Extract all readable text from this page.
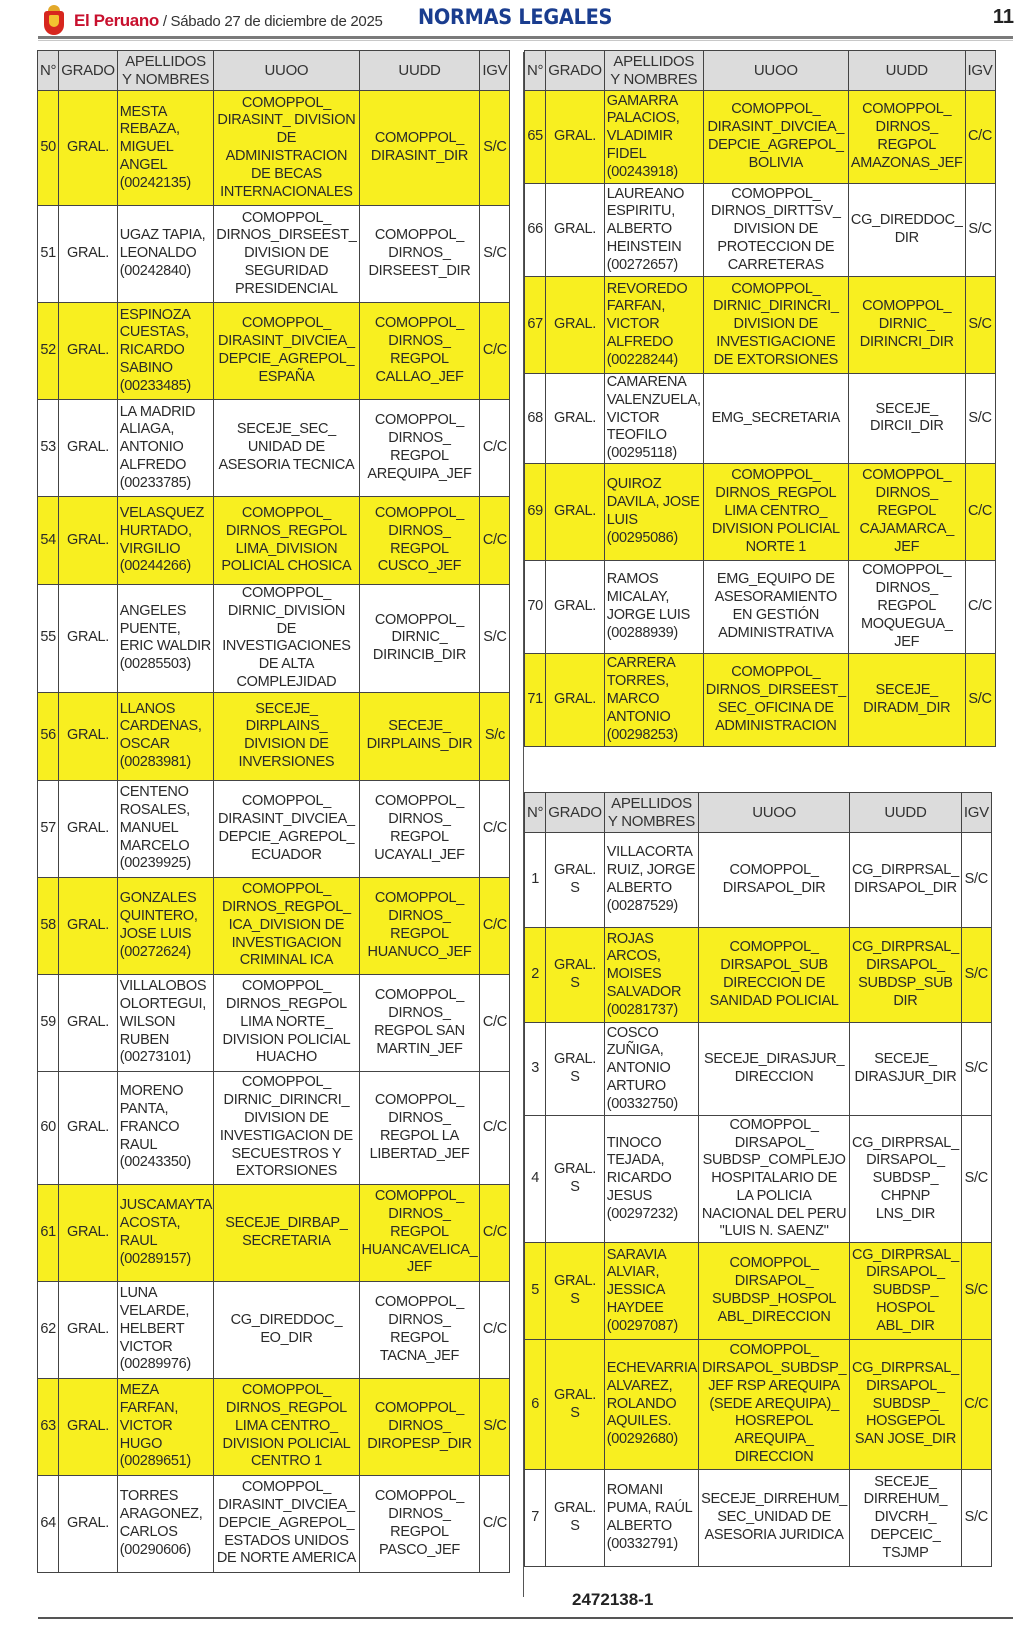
El Peruano / Sábado 27 de diciembre de 2025 NORMAS LEGALES	11
N°	GRADO	APELLIDOS Y NOMBRES	UUOO	UUDD	IGV
50	GRAL.	MESTA REBAZA, MIGUEL ANGEL (00242135)	COMOPPOL_ DIRASINT_ DIVISION DE ADMINISTRACION DE BECAS INTERNACIONALES	COMOPPOL_ DIRASINT_DIR	S/C
51	GRAL.	UGAZ TAPIA, LEONALDO (00242840)	COMOPPOL_ DIRNOS_DIRSEEST_ DIVISION DE SEGURIDAD PRESIDENCIAL	COMOPPOL_ DIRNOS_ DIRSEEST_DIR	S/C
52	GRAL.	ESPINOZA CUESTAS, RICARDO SABINO (00233485)	COMOPPOL_ DIRASINT_DIVCIEA_ DEPCIE_AGREPOL_ ESPAÑA	COMOPPOL_ DIRNOS_ REGPOL CALLAO_JEF	C/C
53	GRAL.	LA MADRID ALIAGA, ANTONIO ALFREDO (00233785)	SECEJE_SEC_ UNIDAD DE ASESORIA TECNICA	COMOPPOL_ DIRNOS_ REGPOL AREQUIPA_JEF	C/C
54	GRAL.	VELASQUEZ HURTADO, VIRGILIO (00244266)	COMOPPOL_ DIRNOS_REGPOL LIMA_DIVISION POLICIAL CHOSICA	COMOPPOL_ DIRNOS_ REGPOL CUSCO_JEF	C/C
55	GRAL.	ANGELES PUENTE, ERIC WALDIR (00285503)	COMOPPOL_ DIRNIC_DIVISION DE INVESTIGACIONES DE ALTA COMPLEJIDAD	COMOPPOL_ DIRNIC_ DIRINCIB_DIR	S/C
56	GRAL.	LLANOS CARDENAS, OSCAR (00283981)	SECEJE_ DIRPLAINS_ DIVISION DE INVERSIONES	SECEJE_ DIRPLAINS_DIR	S/c
57	GRAL.	CENTENO ROSALES, MANUEL MARCELO (00239925)	COMOPPOL_ DIRASINT_DIVCIEA_ DEPCIE_AGREPOL_ ECUADOR	COMOPPOL_ DIRNOS_ REGPOL UCAYALI_JEF	C/C
58	GRAL.	GONZALES QUINTERO, JOSE LUIS (00272624)	COMOPPOL_ DIRNOS_REGPOL_ ICA_DIVISION DE INVESTIGACION CRIMINAL ICA	COMOPPOL_ DIRNOS_ REGPOL HUANUCO_JEF	C/C
59	GRAL.	VILLALOBOS OLORTEGUI, WILSON RUBEN (00273101)	COMOPPOL_ DIRNOS_REGPOL LIMA NORTE_ DIVISION POLICIAL HUACHO	COMOPPOL_ DIRNOS_ REGPOL SAN MARTIN_JEF	C/C
60	GRAL.	MORENO PANTA, FRANCO RAUL (00243350)	COMOPPOL_ DIRNIC_DIRINCRI_ DIVISION DE INVESTIGACION DE SECUESTROS Y EXTORSIONES	COMOPPOL_ DIRNOS_ REGPOL LA LIBERTAD_JEF	C/C
61	GRAL.	JUSCAMAYTA ACOSTA, RAUL (00289157)	SECEJE_DIRBAP_ SECRETARIA	COMOPPOL_ DIRNOS_ REGPOL HUANCAVELICA_ JEF	C/C
62	GRAL.	LUNA VELARDE, HELBERT VICTOR (00289976)	CG_DIREDDOC_ EO_DIR	COMOPPOL_ DIRNOS_ REGPOL TACNA_JEF	C/C
63	GRAL.	MEZA FARFAN, VICTOR HUGO (00289651)	COMOPPOL_ DIRNOS_REGPOL LIMA CENTRO_ DIVISION POLICIAL CENTRO 1	COMOPPOL_ DIRNOS_ DIROPESP_DIR	S/C
64	GRAL.	TORRES ARAGONEZ, CARLOS (00290606)	COMOPPOL_ DIRASINT_DIVCIEA_ DEPCIE_AGREPOL_ ESTADOS UNIDOS DE NORTE AMERICA	COMOPPOL_ DIRNOS_ REGPOL PASCO_JEF	C/C
N°	GRADO	APELLIDOS Y NOMBRES	UUOO	UUDD	IGV
65	GRAL.	GAMARRA PALACIOS, VLADIMIR FIDEL (00243918)	COMOPPOL_ DIRASINT_DIVCIEA_ DEPCIE_AGREPOL_ BOLIVIA	COMOPPOL_ DIRNOS_ REGPOL AMAZONAS_JEF	C/C
66	GRAL.	LAUREANO ESPIRITU, ALBERTO HEINSTEIN (00272657)	COMOPPOL_ DIRNOS_DIRTTSV_ DIVISION DE PROTECCION DE CARRETERAS	CG_DIREDDOC_ DIR	S/C
67	GRAL.	REVOREDO FARFAN, VICTOR ALFREDO (00228244)	COMOPPOL_ DIRNIC_DIRINCRI_ DIVISION DE INVESTIGACIONE DE EXTORSIONES	COMOPPOL_ DIRNIC_ DIRINCRI_DIR	S/C
68	GRAL.	CAMARENA VALENZUELA, VICTOR TEOFILO (00295118)	EMG_SECRETARIA	SECEJE_ DIRCII_DIR	S/C
69	GRAL.	QUIROZ DAVILA, JOSE LUIS (00295086)	COMOPPOL_ DIRNOS_REGPOL LIMA CENTRO_ DIVISION POLICIAL NORTE 1	COMOPPOL_ DIRNOS_ REGPOL CAJAMARCA_ JEF	C/C
70	GRAL.	RAMOS MICALAY, JORGE LUIS (00288939)	EMG_EQUIPO DE ASESORAMIENTO EN GESTIÓN ADMINISTRATIVA	COMOPPOL_ DIRNOS_ REGPOL MOQUEGUA_ JEF	C/C
71	GRAL.	CARRERA TORRES, MARCO ANTONIO (00298253)	COMOPPOL_ DIRNOS_DIRSEEST_ SEC_OFICINA DE ADMINISTRACION	SECEJE_ DIRADM_DIR	S/C
N°	GRADO	APELLIDOS Y NOMBRES	UUOO	UUDD	IGV
1	GRAL. S	VILLACORTA RUIZ, JORGE ALBERTO (00287529)	COMOPPOL_ DIRSAPOL_DIR	CG_DIRPRSAL_ DIRSAPOL_DIR	S/C
2	GRAL. S	ROJAS ARCOS, MOISES SALVADOR (00281737)	COMOPPOL_ DIRSAPOL_SUB DIRECCION DE SANIDAD POLICIAL	CG_DIRPRSAL_ DIRSAPOL_ SUBDSP_SUB DIR	S/C
3	GRAL. S	COSCO ZUÑIGA, ANTONIO ARTURO (00332750)	SECEJE_DIRASJUR_ DIRECCION	SECEJE_ DIRASJUR_DIR	S/C
4	GRAL. S	TINOCO TEJADA, RICARDO JESUS (00297232)	COMOPPOL_ DIRSAPOL_ SUBDSP_COMPLEJO HOSPITALARIO DE LA POLICIA NACIONAL DEL PERU "LUIS N. SAENZ"	CG_DIRPRSAL_ DIRSAPOL_ SUBDSP_ CHPNP LNS_DIR	S/C
5	GRAL. S	SARAVIA ALVIAR, JESSICA HAYDEE (00297087)	COMOPPOL_ DIRSAPOL_ SUBDSP_HOSPOL ABL_DIRECCION	CG_DIRPRSAL_ DIRSAPOL_ SUBDSP_ HOSPOL ABL_DIR	S/C
6	GRAL. S	ECHEVARRIA ALVAREZ, ROLANDO AQUILES. (00292680)	COMOPPOL_ DIRSAPOL_SUBDSP_ JEF RSP AREQUIPA (SEDE AREQUIPA)_ HOSREPOL AREQUIPA_ DIRECCION	CG_DIRPRSAL_ DIRSAPOL_ SUBDSP_ HOSGEPOL SAN JOSE_DIR	C/C
7	GRAL. S	ROMANI PUMA, RAÚL ALBERTO (00332791)	SECEJE_DIRREHUM_ SEC_UNIDAD DE ASESORIA JURIDICA	SECEJE_ DIRREHUM_ DIVCRH_ DEPCEIC_ TSJMP	S/C
2472138-1
